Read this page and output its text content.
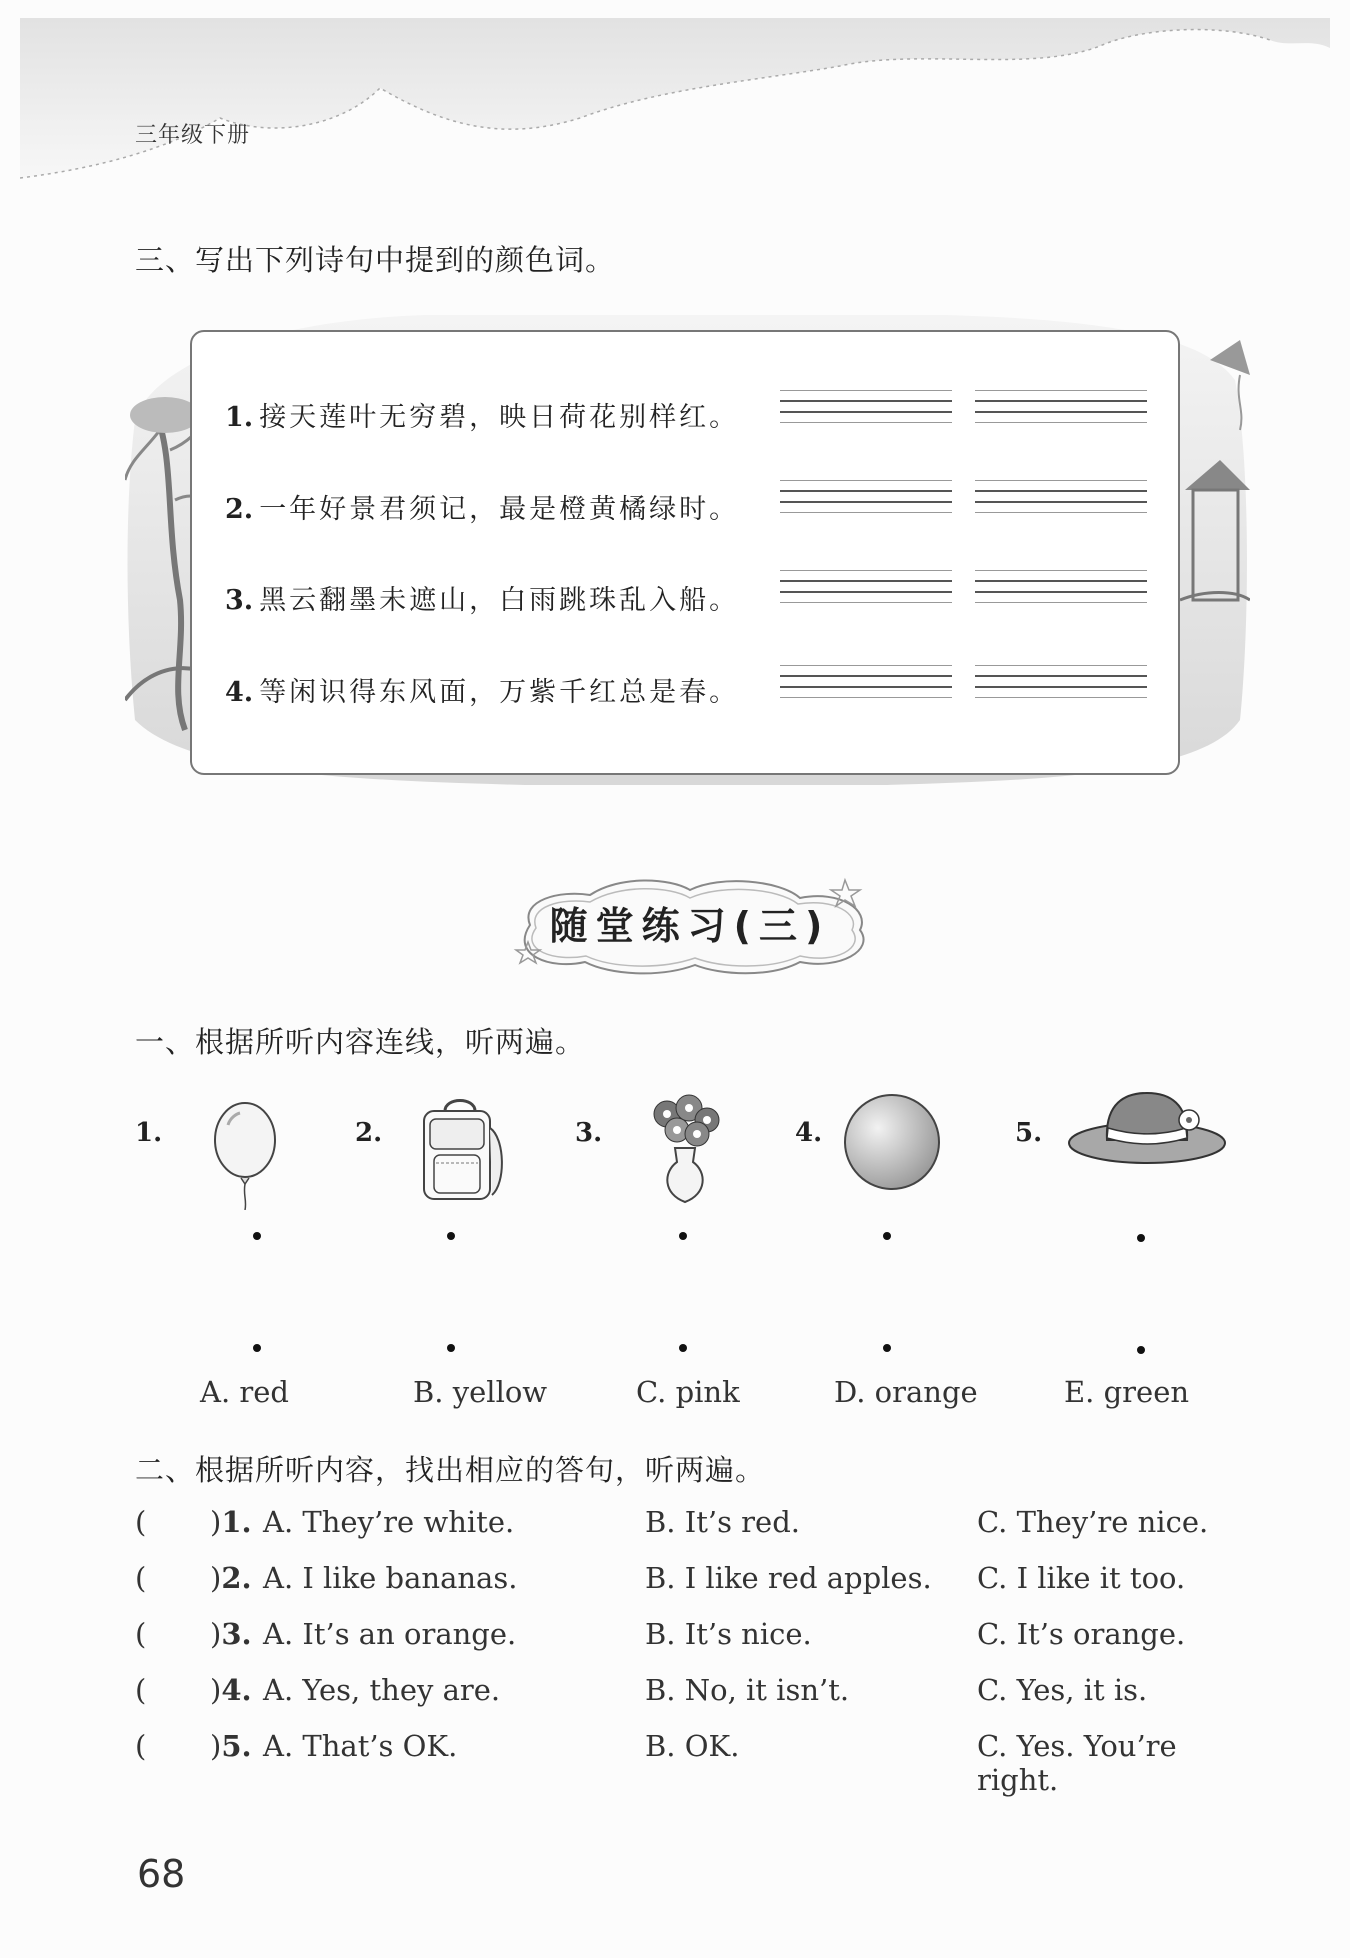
三年级下册
三、写出下列诗句中提到的颜色词。
1. 接天莲叶无穷碧，映日荷花别样红。
2. 一年好景君须记，最是橙黄橘绿时。
3. 黑云翻墨未遮山，白雨跳珠乱入船。
4. 等闲识得东风面，万紫千红总是春。
随堂练习(三)
一、根据所听内容连线，听两遍。
1.	2.	3.	4.	5.
A. red	B. yellow	C. pink	D. orange	E. green
二、根据所听内容，找出相应的答句，听两遍。
( )1. A. They’re white.	B. It’s red.	C. They’re nice.
( )2. A. I like bananas.	B. I like red apples. C. I like it too.
( )3. A. It’s an orange.	B. It’s nice.	C. It’s orange.
( )4. A. Yes, they are.	B. No, it isn’t.	C. Yes, it is.
( )5. A. That’s OK.	B. OK.	C. Yes. You’re right.
68
